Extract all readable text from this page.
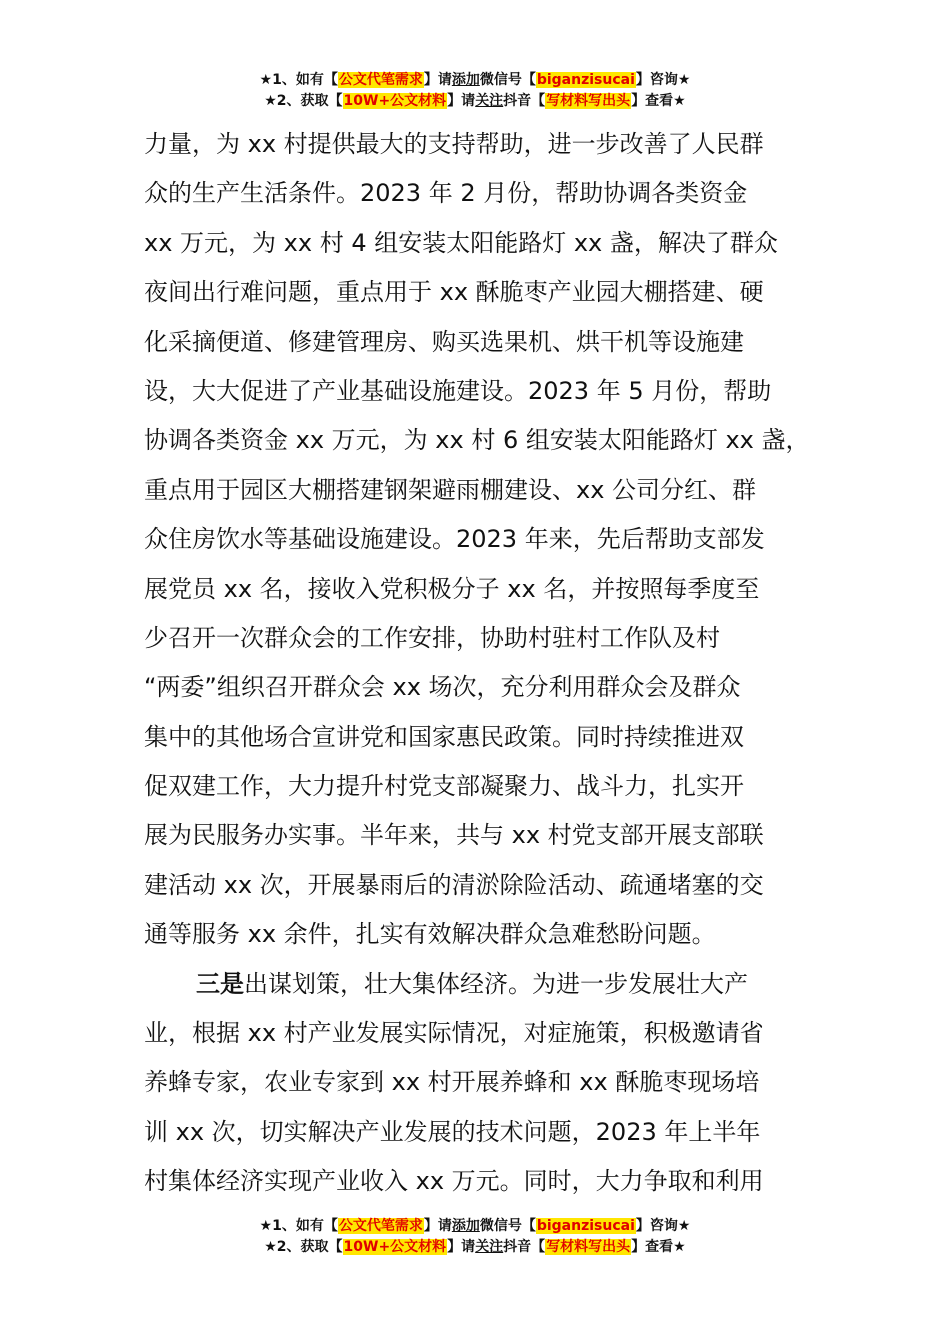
★1、如有【公文代笔需求】请添加微信号【biganzisucai】咨询★
★2、获取【10W+公文材料】请关注抖音【写材料写出头】查看★
力量，为 xx 村提供最大的支持帮助，进一步改善了人民群
众的生产生活条件。2023 年 2 月份，帮助协调各类资金
xx 万元，为 xx 村 4 组安装太阳能路灯 xx 盏，解决了群众
夜间出行难问题，重点用于 xx 酥脆枣产业园大棚搭建、硬
化采摘便道、修建管理房、购买选果机、烘干机等设施建
设，大大促进了产业基础设施建设。2023 年 5 月份，帮助
协调各类资金 xx 万元，为 xx 村 6 组安装太阳能路灯 xx 盏，
重点用于园区大棚搭建钢架避雨棚建设、xx 公司分红、群
众住房饮水等基础设施建设。2023 年来，先后帮助支部发
展党员 xx 名，接收入党积极分子 xx 名，并按照每季度至
少召开一次群众会的工作安排，协助村驻村工作队及村
“两委”组织召开群众会 xx 场次，充分利用群众会及群众
集中的其他场合宣讲党和国家惠民政策。同时持续推进双
促双建工作，大力提升村党支部凝聚力、战斗力，扎实开
展为民服务办实事。半年来，共与 xx 村党支部开展支部联
建活动 xx 次，开展暴雨后的清淤除险活动、疏通堵塞的交
通等服务 xx 余件，扎实有效解决群众急难愁盼问题。
三是出谋划策，壮大集体经济。为进一步发展壮大产
业，根据 xx 村产业发展实际情况，对症施策，积极邀请省
养蜂专家，农业专家到 xx 村开展养蜂和 xx 酥脆枣现场培
训 xx 次，切实解决产业发展的技术问题，2023 年上半年
村集体经济实现产业收入 xx 万元。同时，大力争取和利用
★1、如有【公文代笔需求】请添加微信号【biganzisucai】咨询★
★2、获取【10W+公文材料】请关注抖音【写材料写出头】查看★
